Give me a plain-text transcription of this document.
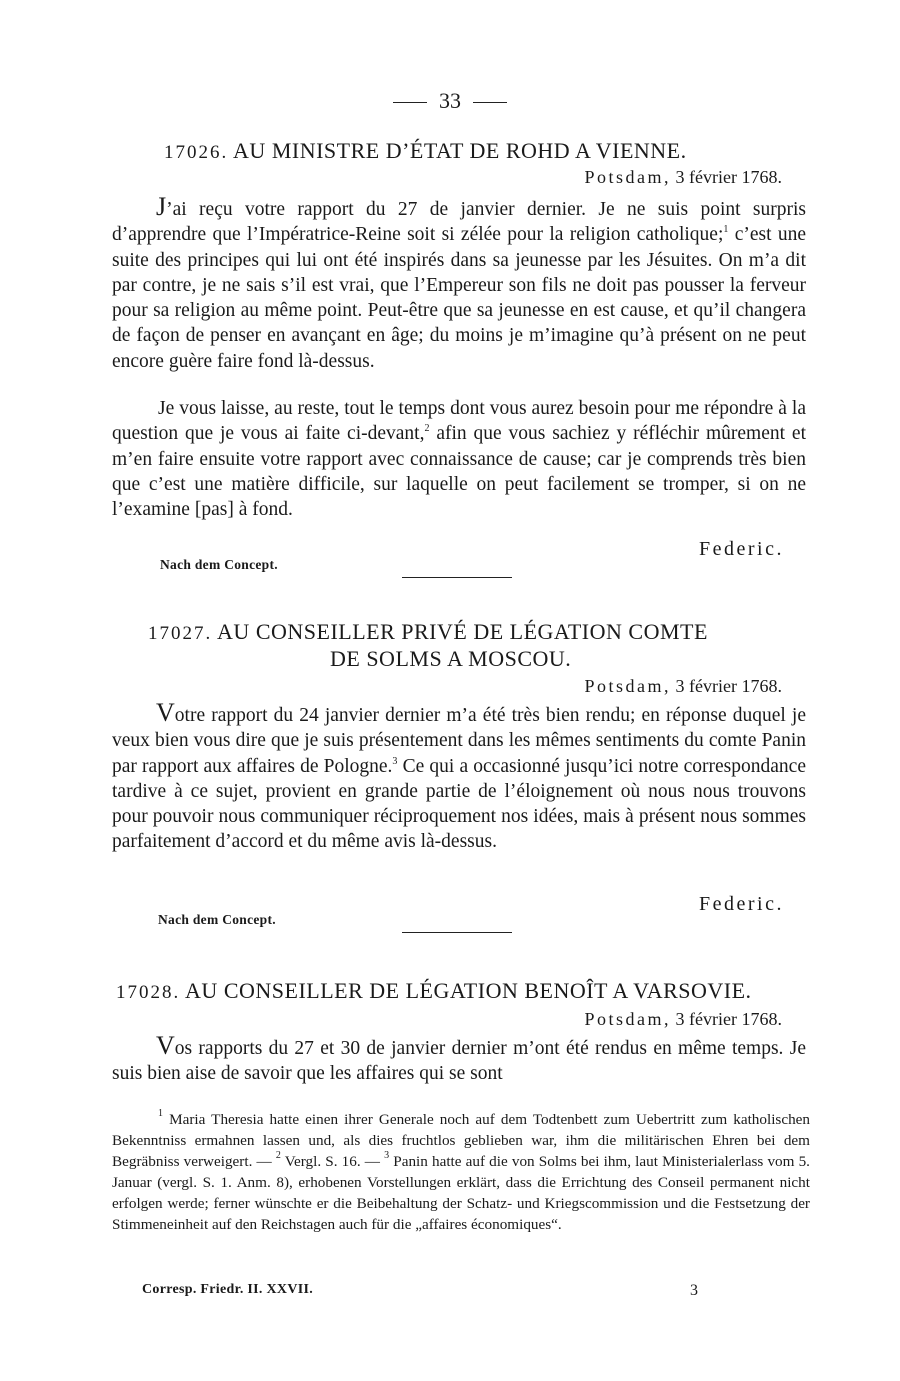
33
17026. AU MINISTRE D’ÉTAT DE ROHD A VIENNE.
Potsdam, 3 février 1768.
J’ai reçu votre rapport du 27 de janvier dernier. Je ne suis point surpris d’apprendre que l’Impératrice-Reine soit si zélée pour la religion catholique;$^1$ c’est une suite des principes qui lui ont été inspirés dans sa jeunesse par les Jésuites. On m’a dit par contre, je ne sais s’il est vrai, que l’Empereur son fils ne doit pas pousser la ferveur pour sa religion au même point. Peut-être que sa jeunesse en est cause, et qu’il changera de façon de penser en avançant en âge; du moins je m’imagine qu’à présent on ne peut encore guère faire fond là-dessus.
Je vous laisse, au reste, tout le temps dont vous aurez besoin pour me répondre à la question que je vous ai faite ci-devant,$^2$ afin que vous sachiez y réfléchir mûrement et m’en faire ensuite votre rapport avec connaissance de cause; car je comprends très bien que c’est une matière difficile, sur laquelle on peut facilement se tromper, si on ne l’examine [pas] à fond.
Federic.
Nach dem Concept.
17027. AU CONSEILLER PRIVÉ DE LÉGATION COMTE
DE SOLMS A MOSCOU.
Potsdam, 3 février 1768.
Votre rapport du 24 janvier dernier m’a été très bien rendu; en réponse duquel je veux bien vous dire que je suis présentement dans les mêmes sentiments du comte Panin par rapport aux affaires de Pologne.$^3$ Ce qui a occasionné jusqu’ici notre correspondance tardive à ce sujet, provient en grande partie de l’éloignement où nous nous trouvons pour pouvoir nous communiquer réciproquement nos idées, mais à présent nous sommes parfaitement d’accord et du même avis là-dessus.
Federic.
Nach dem Concept.
17028. AU CONSEILLER DE LÉGATION BENOÎT A VARSOVIE.
Potsdam, 3 février 1768.
Vos rapports du 27 et 30 de janvier dernier m’ont été rendus en même temps. Je suis bien aise de savoir que les affaires qui se sont
$^1$ Maria Theresia hatte einen ihrer Generale noch auf dem Todtenbett zum Uebertritt zum katholischen Bekenntniss ermahnen lassen und, als dies fruchtlos geblieben war, ihm die militärischen Ehren bei dem Begräbniss verweigert. — $^2$ Vergl. S. 16. — $^3$ Panin hatte auf die von Solms bei ihm, laut Ministerialerlass vom 5. Januar (vergl. S. 1. Anm. 8), erhobenen Vorstellungen erklärt, dass die Errichtung des Conseil permanent nicht erfolgen werde; ferner wünschte er die Beibehaltung der Schatz- und Kriegscommission und die Festsetzung der Stimmeneinheit auf den Reichstagen auch für die „affaires économiques“.
Corresp. Friedr. II. XXVII.	3
